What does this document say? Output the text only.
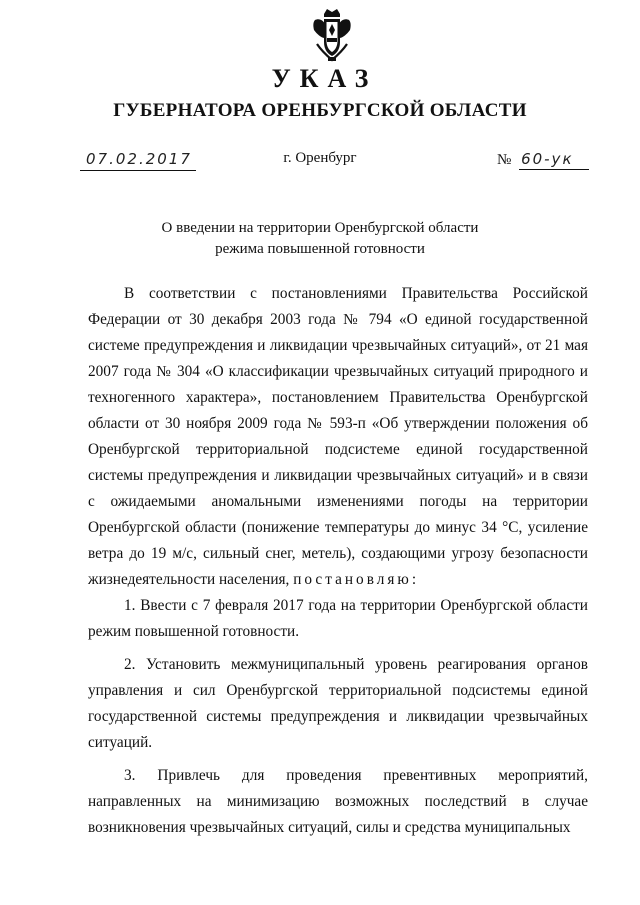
УКАЗ
ГУБЕРНАТОРА ОРЕНБУРГСКОЙ ОБЛАСТИ
07.02.2017	г. Оренбург	№ 60-ук
О введении на территории Оренбургской области
режима повышенной готовности

В соответствии с постановлениями Правительства Российской Федерации от 30 декабря 2003 года № 794 «О единой государственной системе предупреждения и ликвидации чрезвычайных ситуаций», от 21 мая 2007 года № 304 «О классификации чрезвычайных ситуаций природного и техногенного характера», постановлением Правительства Оренбургской области от 30 ноября 2009 года № 593-п «Об утверждении положения об Оренбургской территориальной подсистеме единой государственной системы предупреждения и ликвидации чрезвычайных ситуаций» и в связи с ожидаемыми аномальными изменениями погоды на территории Оренбургской области (понижение температуры до минус 34 °С, усиление ветра до 19 м/с, сильный снег, метель), создающими угрозу безопасности жизнедеятельности населения, постановляю:

1. Ввести с 7 февраля 2017 года на территории Оренбургской области режим повышенной готовности.

2. Установить межмуниципальный уровень реагирования органов управления и сил Оренбургской территориальной подсистемы единой государственной системы предупреждения и ликвидации чрезвычайных ситуаций.

3. Привлечь для проведения превентивных мероприятий, направленных на минимизацию возможных последствий в случае возникновения чрезвычайных ситуаций, силы и средства муниципальных
